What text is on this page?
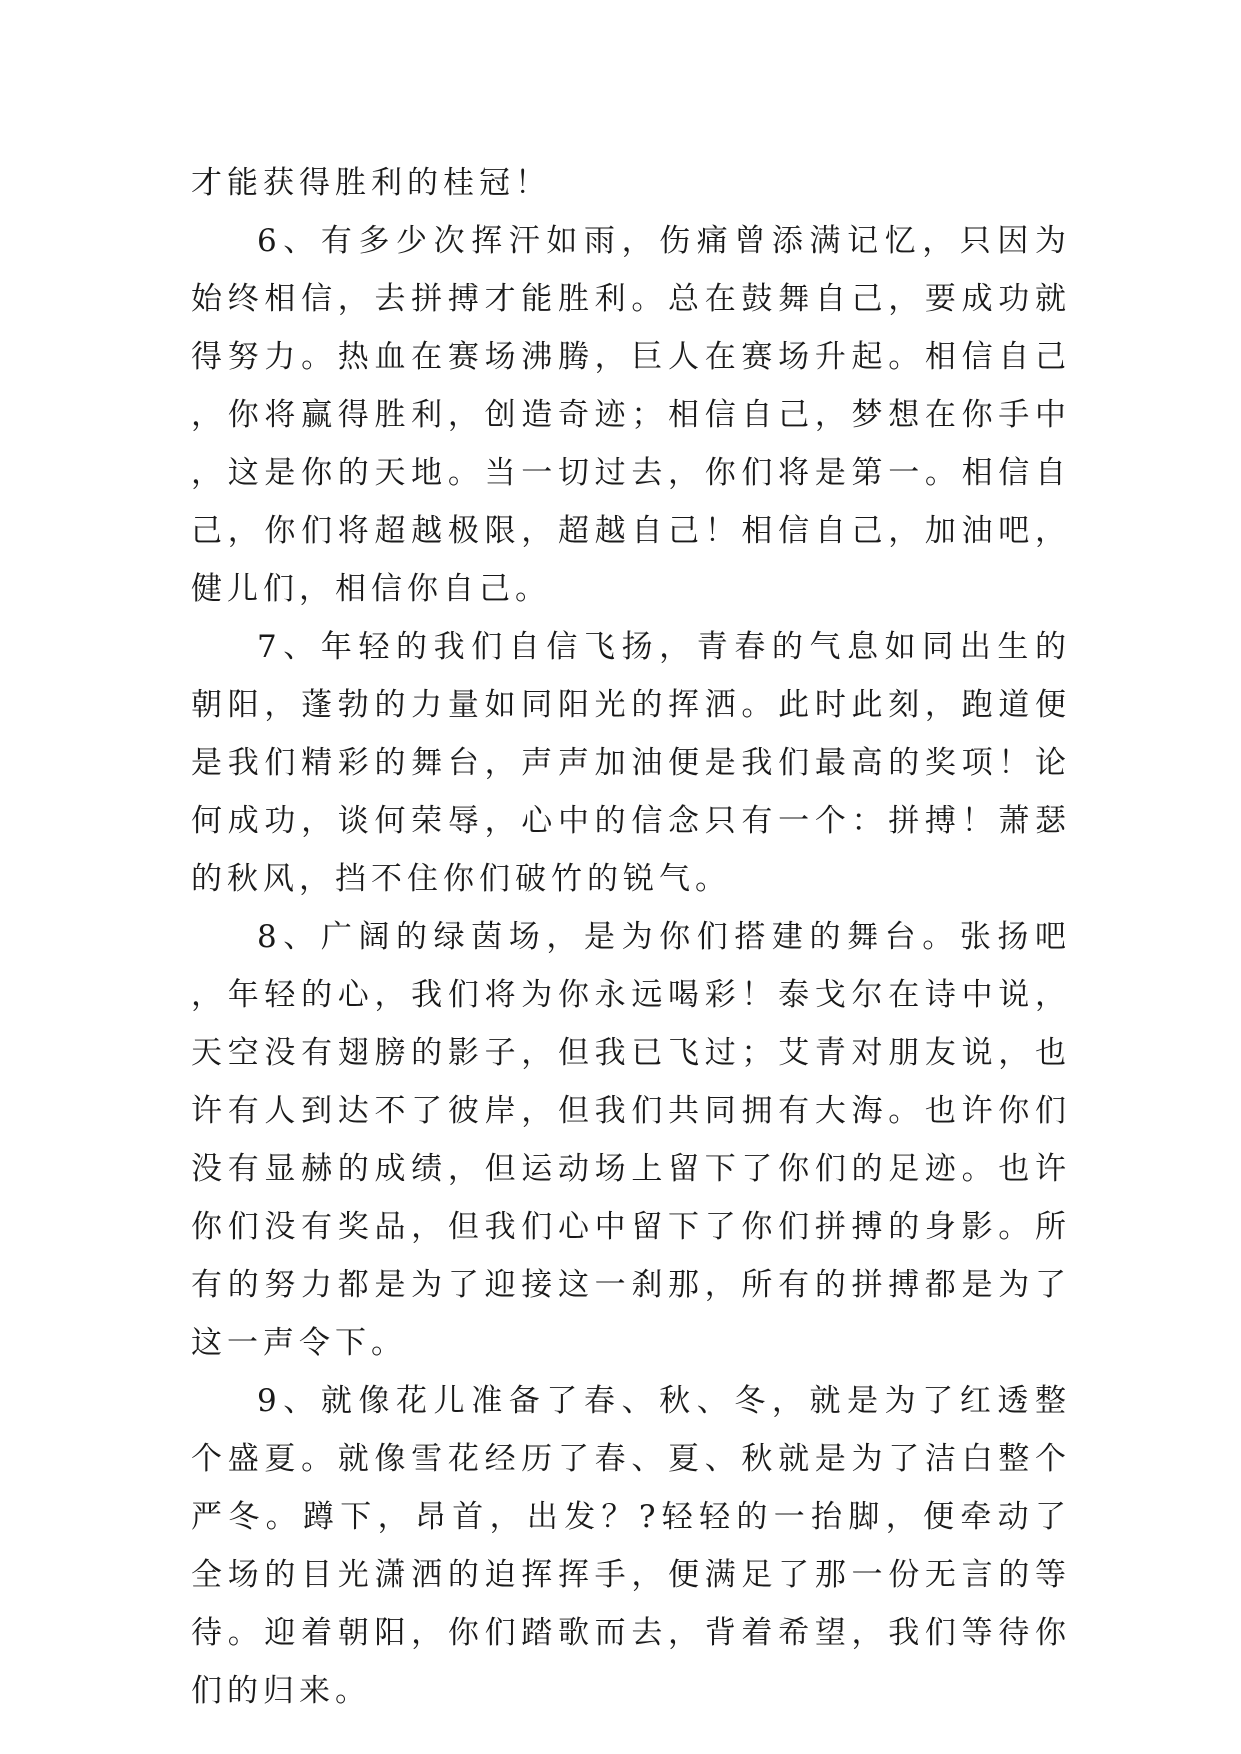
才能获得胜利的桂冠！

6、有多少次挥汗如雨，伤痛曾添满记忆，只因为始终相信，去拼搏才能胜利。总在鼓舞自己，要成功就得努力。热血在赛场沸腾，巨人在赛场升起。相信自己，你将赢得胜利，创造奇迹；相信自己，梦想在你手中，这是你的天地。当一切过去，你们将是第一。相信自己，你们将超越极限，超越自己！相信自己，加油吧，健儿们，相信你自己。

7、年轻的我们自信飞扬，青春的气息如同出生的朝阳，蓬勃的力量如同阳光的挥洒。此时此刻，跑道便是我们精彩的舞台，声声加油便是我们最高的奖项！论何成功，谈何荣辱，心中的信念只有一个：拼搏！萧瑟的秋风，挡不住你们破竹的锐气。

8、广阔的绿茵场，是为你们搭建的舞台。张扬吧，年轻的心，我们将为你永远喝彩！泰戈尔在诗中说，天空没有翅膀的影子，但我已飞过；艾青对朋友说，也许有人到达不了彼岸，但我们共同拥有大海。也许你们没有显赫的成绩，但运动场上留下了你们的足迹。也许你们没有奖品，但我们心中留下了你们拼搏的身影。所有的努力都是为了迎接这一刹那，所有的拼搏都是为了这一声令下。

9、就像花儿准备了春、秋、冬，就是为了红透整个盛夏。就像雪花经历了春、夏、秋就是为了洁白整个严冬。蹲下，昂首，出发？?轻轻的一抬脚，便牵动了全场的目光潇洒的迫挥挥手，便满足了那一份无言的等待。迎着朝阳，你们踏歌而去，背着希望，我们等待你们的归来。
